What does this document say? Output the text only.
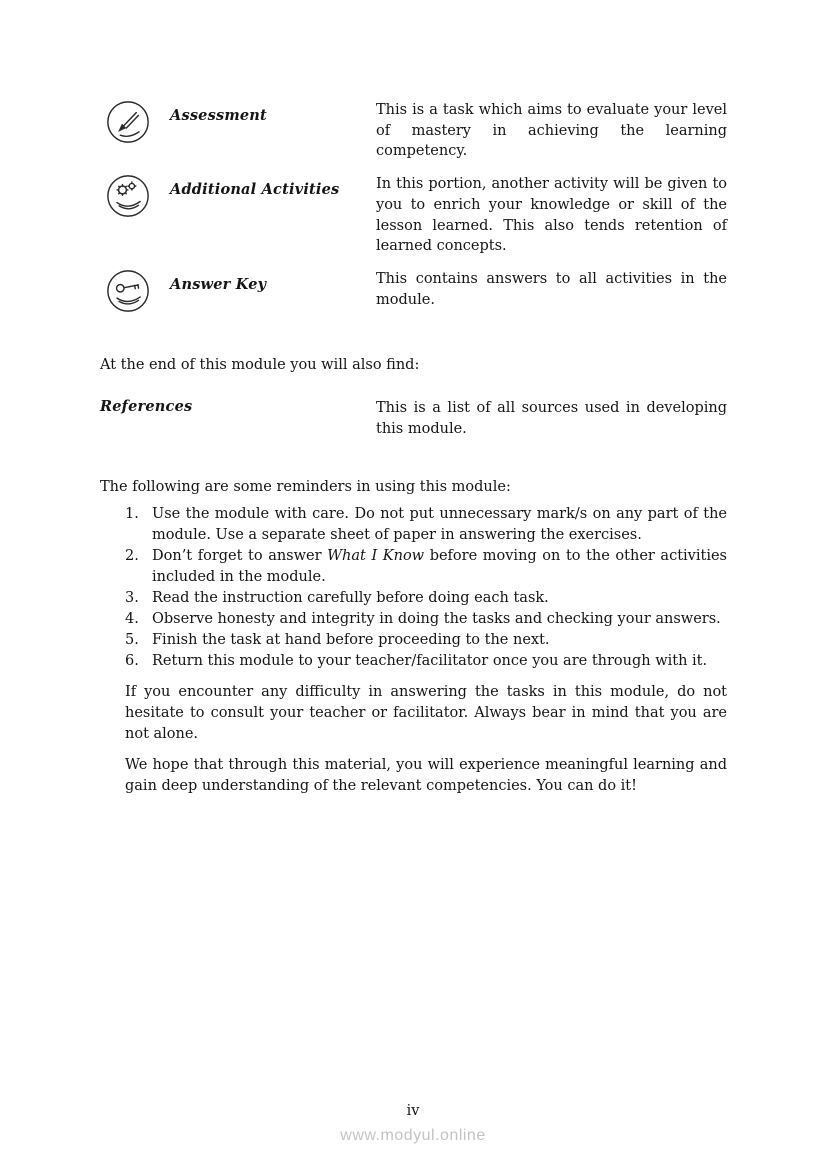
Assessment	This is a task which aims to evaluate your level of mastery in achieving the learning competency.
Additional Activities	In this portion, another activity will be given to you to enrich your knowledge or skill of the lesson learned. This also tends retention of learned concepts.
Answer Key	This contains answers to all activities in the module.
At the end of this module you will also find:
References	This is a list of all sources used in developing this module.
The following are some reminders in using this module:
1. Use the module with care. Do not put unnecessary mark/s on any part of the module. Use a separate sheet of paper in answering the exercises.
2. Don’t forget to answer What I Know before moving on to the other activities included in the module.
3. Read the instruction carefully before doing each task.
4. Observe honesty and integrity in doing the tasks and checking your answers.
5. Finish the task at hand before proceeding to the next.
6. Return this module to your teacher/facilitator once you are through with it.

If you encounter any difficulty in answering the tasks in this module, do not hesitate to consult your teacher or facilitator. Always bear in mind that you are not alone.

We hope that through this material, you will experience meaningful learning and gain deep understanding of the relevant competencies. You can do it!

iv
www.modyul.online
